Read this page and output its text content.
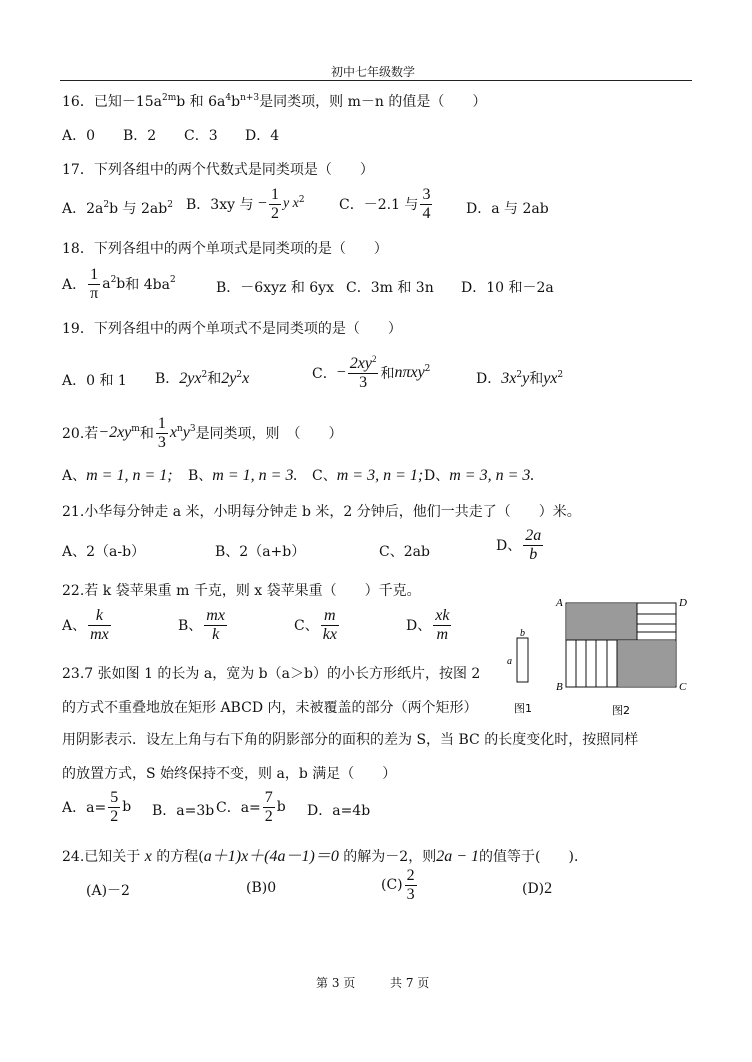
初中七年级数学
16．已知$-15a^{2m}b$ 和 $6a^4b^{n+3}$是同类项，则 m－n 的值是（　　）
A．0 B．2 C．3 D．4
17．下列各组中的两个代数式是同类项是（　　）
A．$2a^2b$ 与 $2ab^2$ B．3xy 与 − $\frac{1}{2}$ y $x^2$ C．－2.1 与 $\frac{3}{4}$ D．a 与 2ab
18．下列各组中的两个单项式是同类项的是（　　）
A． $\frac{1}{\pi} a^2b$和 $4ba^2$	B．－6xyz 和 6yx C．3m 和 3n D．10 和－2a
19．下列各组中的两个单项式不是同类项的是（　　）
A．0 和 1 B．$2yx^2$和$2y^2x$	C．− $\frac{2xy^2}{3}$ 和nπxy$^2$
D．$3x^2y$和$yx^2$
20.若$-2xy^m$和 $\frac{1}{3} x^ny^3$是同类项，则　（　　）
A、m = 1, n = 1; B、m = 1, n = 3. C、m = 3, n = 1; D、m = 3, n = 3.
21.小华每分钟走 a 米，小明每分钟走 b 米，2 分钟后，他们一共走了（　　）米。
A、2（a-b）	B、2（a+b）	C、2ab	D、 $\frac{2a}{b}$
22.若 k 袋苹果重 m 千克，则 x 袋苹果重（　　）千克。
A、 $\frac{k}{mx}$	B、 $\frac{mx}{k}$	C、 $\frac{m}{kx}$	D、 $\frac{xk}{m}$	b
a
图1
A	D
B	C
图2
23.7 张如图 1 的长为 a，宽为 b（a＞b）的小长方形纸片，按图 2
的方式不重叠地放在矩形 ABCD 内，未被覆盖的部分（两个矩形）
用阴影表示．设左上角与右下角的阴影部分的面积的差为 S，当 BC 的长度变化时，按照同样
的放置方式，S 始终保持不变，则 a，b 满足（　　）
A．$a= \frac{5}{2}$ b B．a=3b C．$a= \frac{7}{2}$ b D．a=4b
24.已知关于 x 的方程(a＋1)x＋(4a－1)＝0 的解为－2，则2a − 1的值等于(　　)．
(A)－2	(B)0	$(C) \frac{2}{3}$	(D)2
第 3 页	共 7 页
